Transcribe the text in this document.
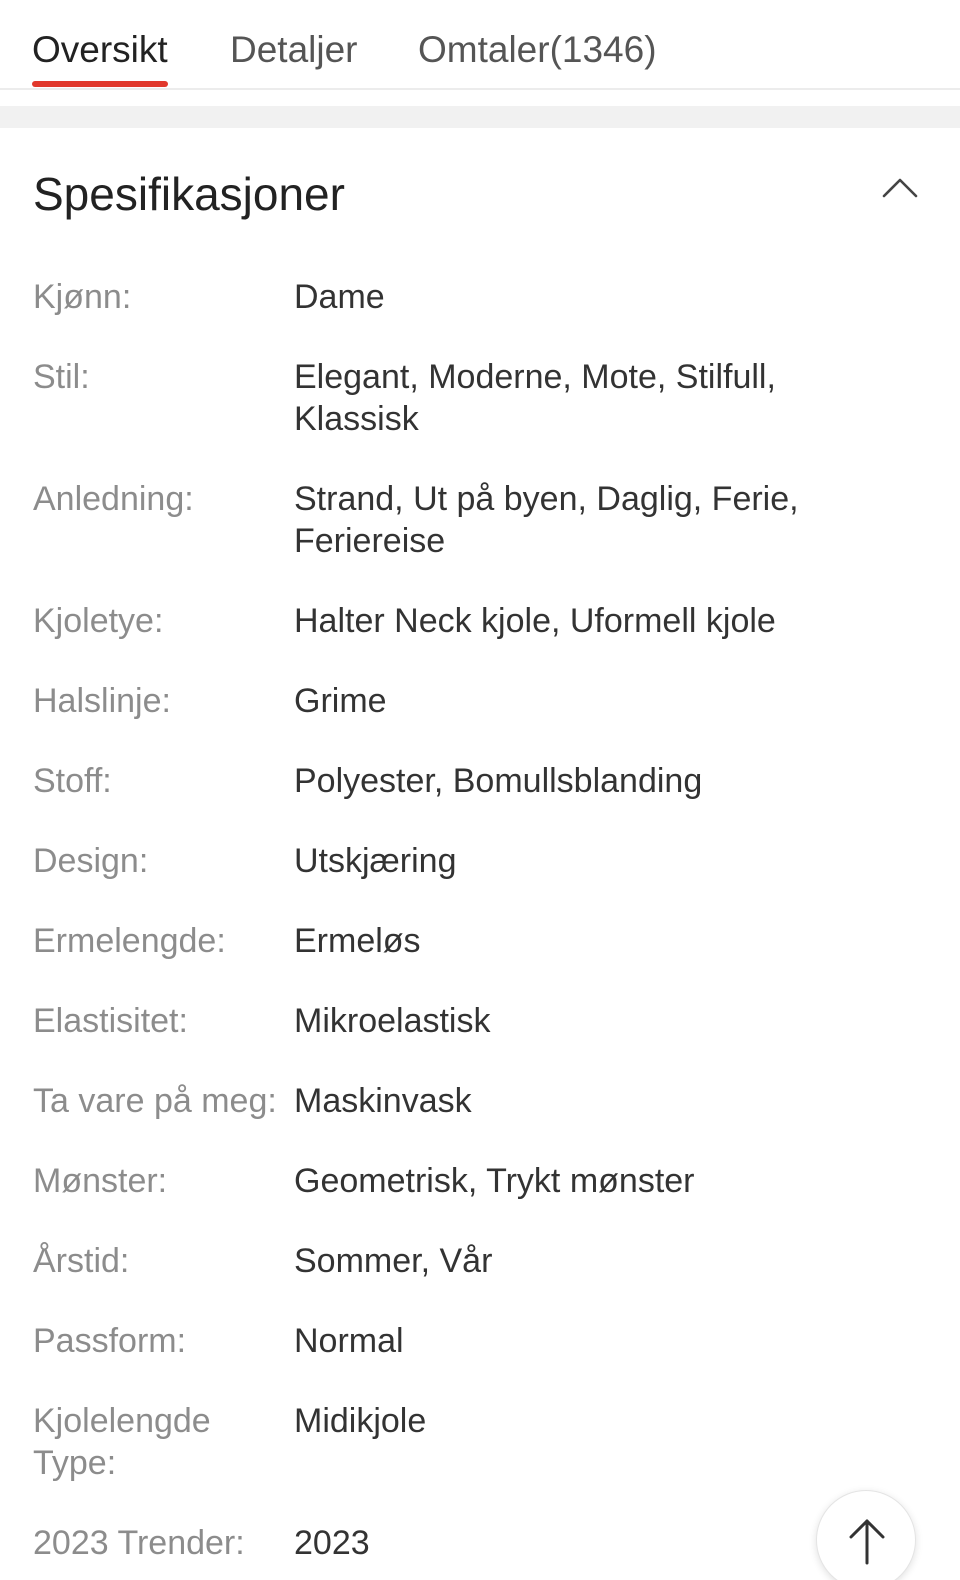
Oversikt Detaljer Omtaler(1346)
Spesifikasjoner
Kjønn:	Dame
Stil:	Elegant, Moderne, Mote, Stilfull, Klassisk
Anledning:	Strand, Ut på byen, Daglig, Ferie, Feriereise
Kjoletye:	Halter Neck kjole, Uformell kjole
Halslinje:	Grime
Stoff:	Polyester, Bomullsblanding
Design:	Utskjæring
Ermelengde:	Ermeløs
Elastisitet:	Mikroelastisk
Ta vare på meg: Maskinvask
Mønster:	Geometrisk, Trykt mønster
Årstid:	Sommer, Vår
Passform:	Normal
Kjolelengde Type:
Midikjole
2023 Trender:	2023
